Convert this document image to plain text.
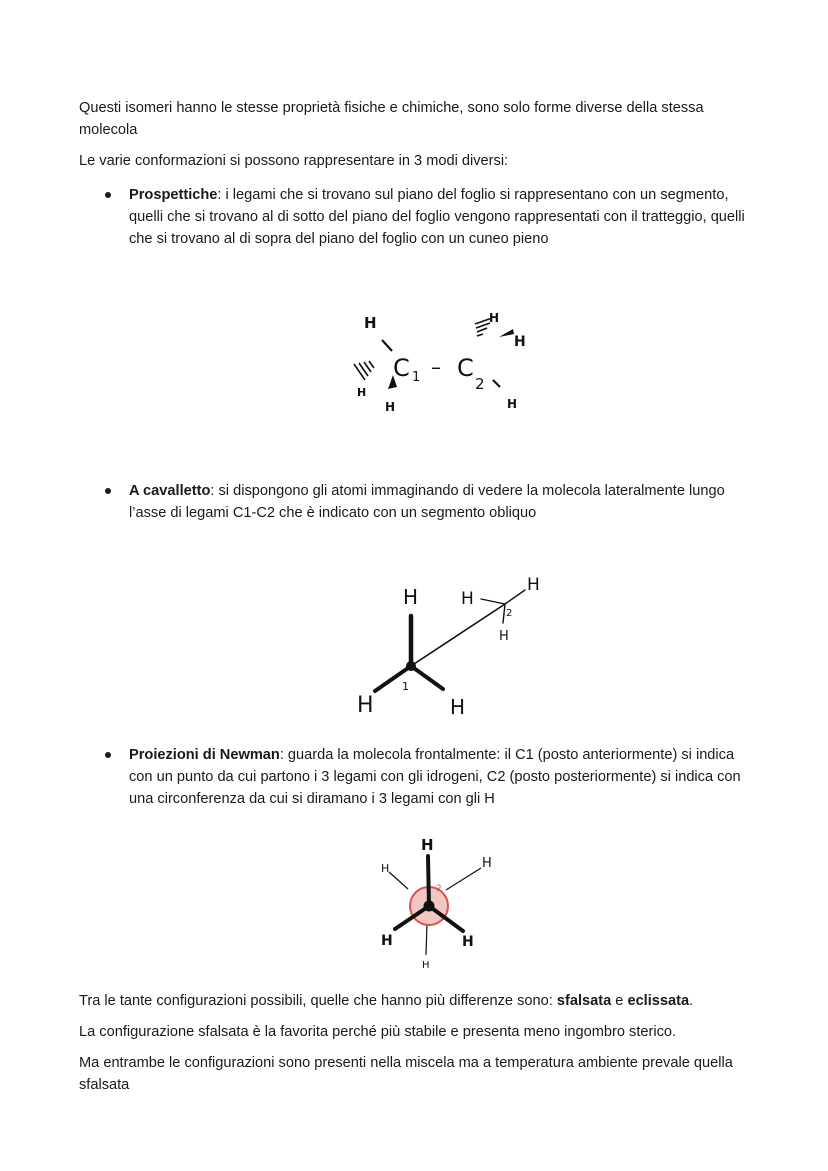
Questi isomeri hanno le stesse proprietà fisiche e chimiche, sono solo forme diverse della stessa molecola

Le varie conformazioni si possono rappresentare in 3 modi diversi:

Prospettiche: i legami che si trovano sul piano del foglio si rappresentano con un segmento, quelli che si trovano al di sotto del piano del foglio vengono rappresentati con il tratteggio, quelli che si trovano al di sopra del piano del foglio con un cuneo pieno
H
H
H
C 1 – C
2
H
H
H
A cavalletto: si dispongono gli atomi immaginando di vedere la molecola lateralmente lungo l’asse di legami C1-C2 che è indicato con un segmento obliquo
H
H	H
1
H
H
H
2
Proiezioni di Newman: guarda la molecola frontalmente: il C1 (posto anteriormente) si indica con un punto da cui partono i 3 legami con gli idrogeni, C2 (posto posteriormente) si indica con una circonferenza da cui si diramano i 3 legami con gli H
H
H	H
H	H
H
2

Tra le tante configurazioni possibili, quelle che hanno più differenze sono: sfalsata e eclissata.

La configurazione sfalsata è la favorita perché più stabile e presenta meno ingombro sterico.

Ma entrambe le configurazioni sono presenti nella miscela ma a temperatura ambiente prevale quella sfalsata
